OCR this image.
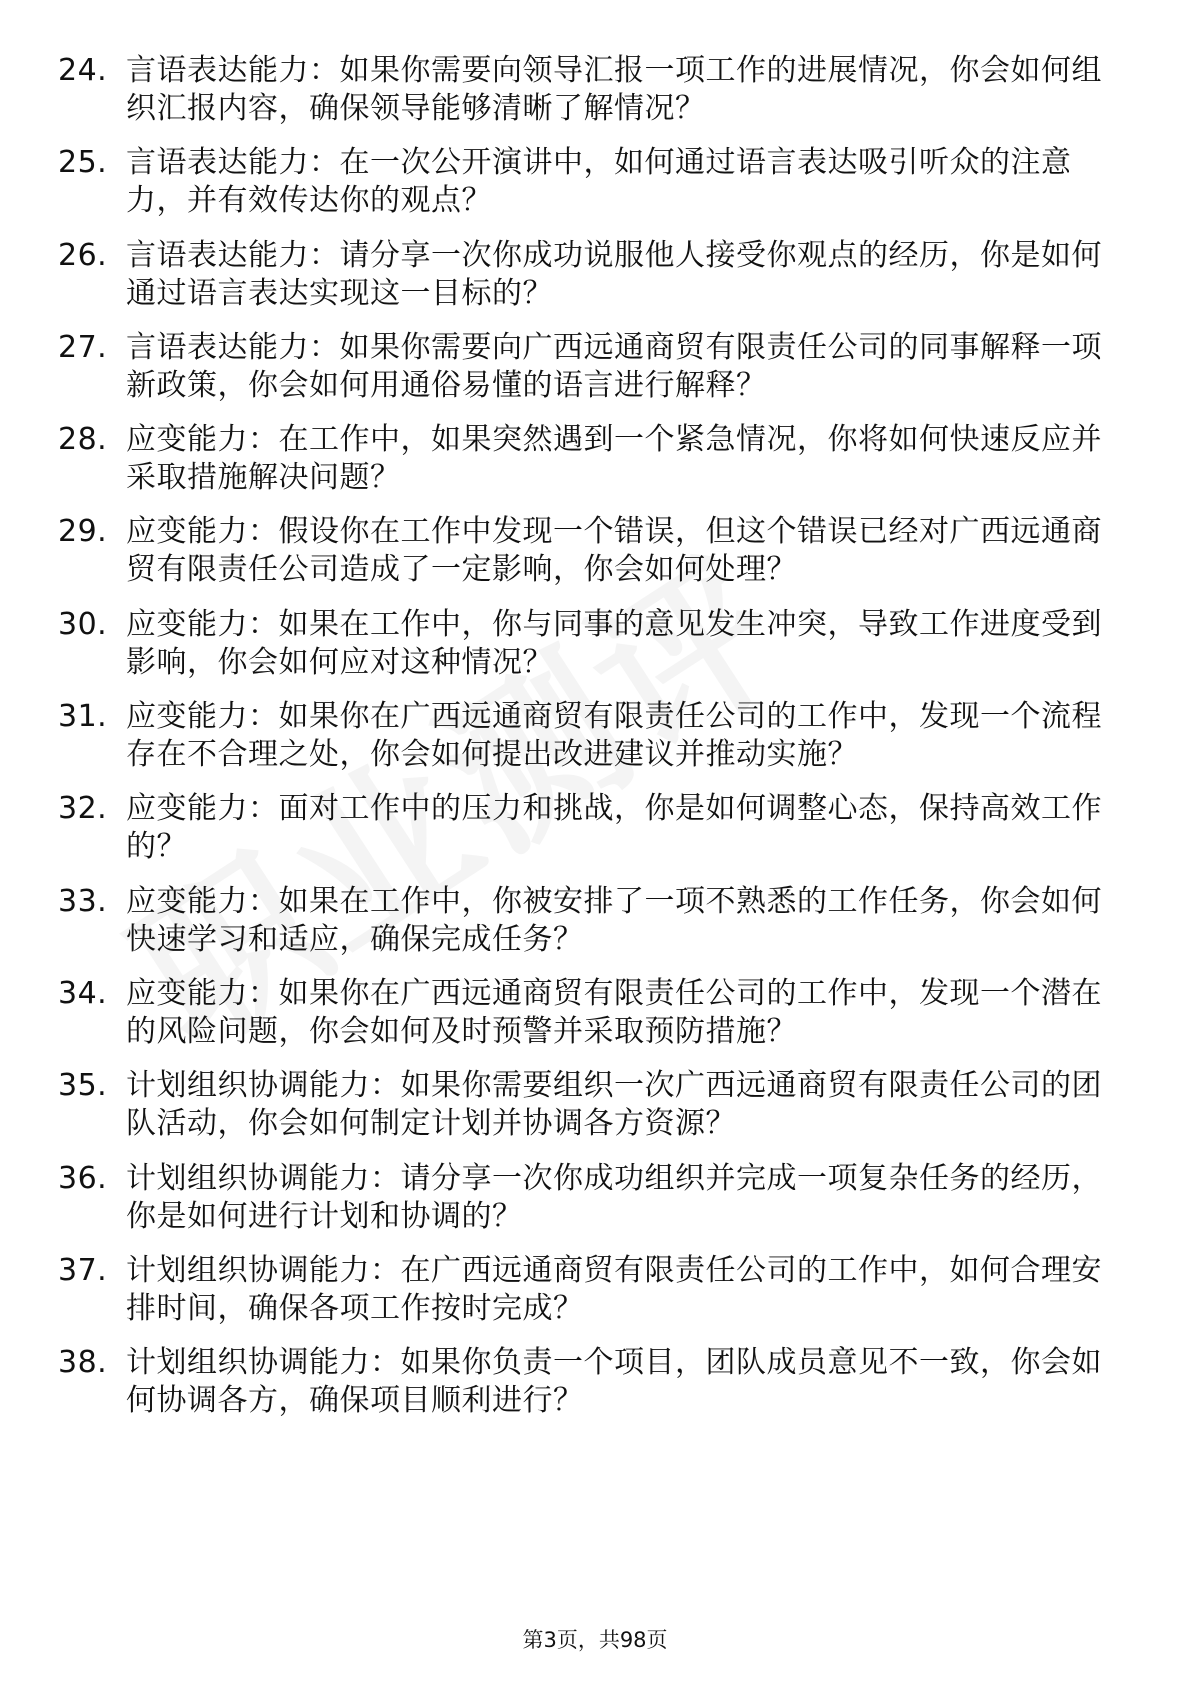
24. 言语表达能力：如果你需要向领导汇报一项工作的进展情况，你会如何组织汇报内容，确保领导能够清晰了解情况？
25. 言语表达能力：在一次公开演讲中，如何通过语言表达吸引听众的注意力，并有效传达你的观点？
26. 言语表达能力：请分享一次你成功说服他人接受你观点的经历，你是如何通过语言表达实现这一目标的？
27. 言语表达能力：如果你需要向广西远通商贸有限责任公司的同事解释一项新政策，你会如何用通俗易懂的语言进行解释？
28. 应变能力：在工作中，如果突然遇到一个紧急情况，你将如何快速反应并采取措施解决问题？
29. 应变能力：假设你在工作中发现一个错误，但这个错误已经对广西远通商贸有限责任公司造成了一定影响，你会如何处理？
30. 应变能力：如果在工作中，你与同事的意见发生冲突，导致工作进度受到影响，你会如何应对这种情况？
31. 应变能力：如果你在广西远通商贸有限责任公司的工作中，发现一个流程存在不合理之处，你会如何提出改进建议并推动实施？
32. 应变能力：面对工作中的压力和挑战，你是如何调整心态，保持高效工作的？
33. 应变能力：如果在工作中，你被安排了一项不熟悉的工作任务，你会如何快速学习和适应，确保完成任务？
34. 应变能力：如果你在广西远通商贸有限责任公司的工作中，发现一个潜在的风险问题，你会如何及时预警并采取预防措施？
35. 计划组织协调能力：如果你需要组织一次广西远通商贸有限责任公司的团队活动，你会如何制定计划并协调各方资源？
36. 计划组织协调能力：请分享一次你成功组织并完成一项复杂任务的经历，你是如何进行计划和协调的？
37. 计划组织协调能力：在广西远通商贸有限责任公司的工作中，如何合理安排时间，确保各项工作按时完成？
38. 计划组织协调能力：如果你负责一个项目，团队成员意见不一致，你会如何协调各方，确保项目顺利进行？
第3页，共98页
